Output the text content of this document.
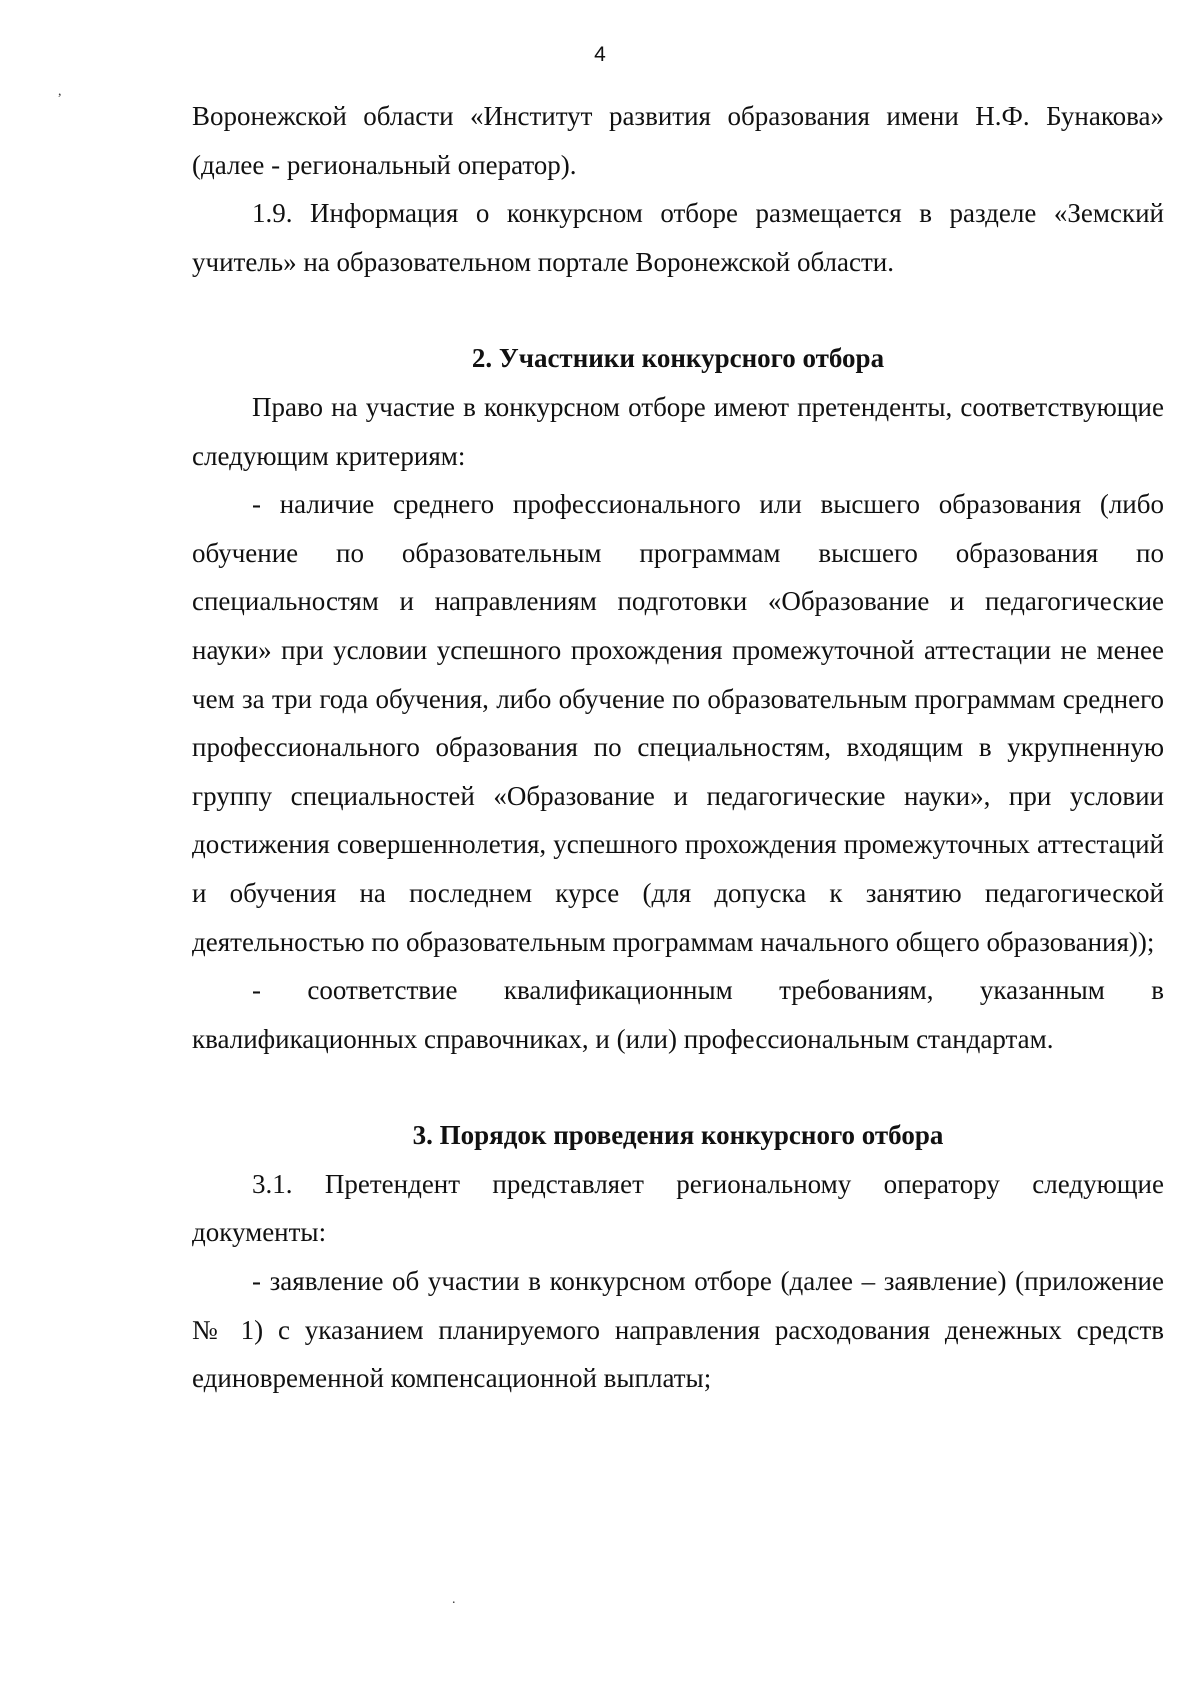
4
,
.

Воронежской области «Институт развития образования имени Н.Ф. Бунакова» (далее - региональный оператор).

1.9. Информация о конкурсном отборе размещается в разделе «Земский учитель» на образовательном портале Воронежской области.

2. Участники конкурсного отбора

Право на участие в конкурсном отборе имеют претенденты, соответствующие следующим критериям:

- наличие среднего профессионального или высшего образования (либо обучение по образовательным программам высшего образования по специальностям и направлениям подготовки «Образование и педагогические науки» при условии успешного прохождения промежуточной аттестации не менее чем за три года обучения, либо обучение по образовательным программам среднего профессионального образования по специальностям, входящим в укрупненную группу специальностей «Образование и педагогические науки», при условии достижения совершеннолетия, успешного прохождения промежуточных аттестаций и обучения на последнем курсе (для допуска к занятию педагогической деятельностью по образовательным программам начального общего образования));

- соответствие квалификационным требованиям, указанным в квалификационных справочниках, и (или) профессиональным стандартам.

3. Порядок проведения конкурсного отбора

3.1. Претендент представляет региональному оператору следующие документы:

- заявление об участии в конкурсном отборе (далее – заявление) (приложение № 1) с указанием планируемого направления расходования денежных средств единовременной компенсационной выплаты;
